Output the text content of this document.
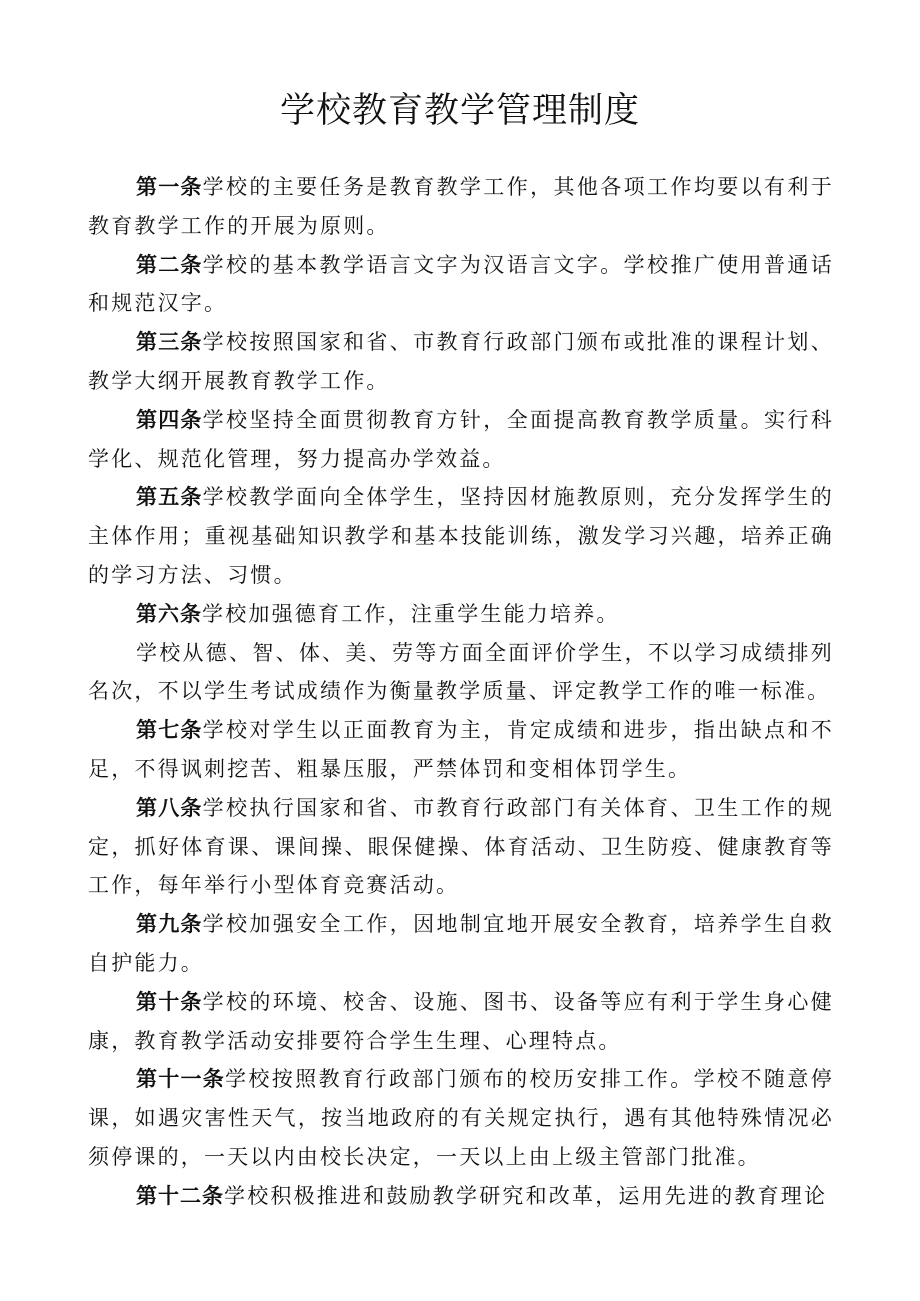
学校教育教学管理制度

第一条学校的主要任务是教育教学工作，其他各项工作均要以有利于教育教学工作的开展为原则。

第二条学校的基本教学语言文字为汉语言文字。学校推广使用普通话和规范汉字。

第三条学校按照国家和省、市教育行政部门颁布或批准的课程计划、教学大纲开展教育教学工作。

第四条学校坚持全面贯彻教育方针，全面提高教育教学质量。实行科学化、规范化管理，努力提高办学效益。

第五条学校教学面向全体学生，坚持因材施教原则，充分发挥学生的主体作用；重视基础知识教学和基本技能训练，激发学习兴趣，培养正确的学习方法、习惯。

第六条学校加强德育工作，注重学生能力培养。

学校从德、智、体、美、劳等方面全面评价学生，不以学习成绩排列名次，不以学生考试成绩作为衡量教学质量、评定教学工作的唯一标准。

第七条学校对学生以正面教育为主，肯定成绩和进步，指出缺点和不足，不得讽刺挖苦、粗暴压服，严禁体罚和变相体罚学生。

第八条学校执行国家和省、市教育行政部门有关体育、卫生工作的规定，抓好体育课、课间操、眼保健操、体育活动、卫生防疫、健康教育等工作，每年举行小型体育竞赛活动。

第九条学校加强安全工作，因地制宜地开展安全教育，培养学生自救自护能力。

第十条学校的环境、校舍、设施、图书、设备等应有利于学生身心健康，教育教学活动安排要符合学生生理、心理特点。

第十一条学校按照教育行政部门颁布的校历安排工作。学校不随意停课，如遇灾害性天气，按当地政府的有关规定执行，遇有其他特殊情况必须停课的，一天以内由校长决定，一天以上由上级主管部门批准。

第十二条学校积极推进和鼓励教学研究和改革，运用先进的教育理论
